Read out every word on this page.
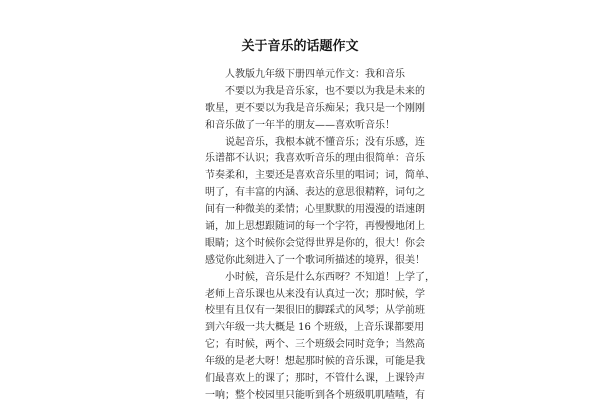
关于音乐的话题作文
人教版九年级下册四单元作文：我和音乐
不要以为我是音乐家，也不要以为我是未来的
歌星，更不要以为我是音乐痴呆；我只是一个刚刚
和音乐做了一年半的朋友——喜欢听音乐！
说起音乐，我根本就不懂音乐；没有乐感，连
乐谱都不认识；我喜欢听音乐的理由很简单：音乐
节奏柔和，主要还是喜欢音乐里的唱词；词，简单、
明了，有丰富的内涵、表达的意思很精粹，词句之
间有一种微美的柔情；心里默默的用漫漫的语速朗
诵，加上思想跟随词的每一个字符，再慢慢地闭上
眼睛；这个时候你会觉得世界是你的，很大！你会
感觉你此刻进入了一个歌词所描述的境界，很美！
小时候，音乐是什么东西呀？不知道！上学了，
老师上音乐课也从来没有认真过一次；那时候，学
校里有且仅有一架很旧的脚踩式的风琴；从学前班
到六年级一共大概是 16 个班级，上音乐课都要用
它；有时候，两个、三个班级会同时竞争；当然高
年级的是老大呀！想起那时候的音乐课，可能是我
们最喜欢上的课了；那时，不管什么课，上课铃声
一响；整个校园里只能听到各个班级叽叽喳喳，有
